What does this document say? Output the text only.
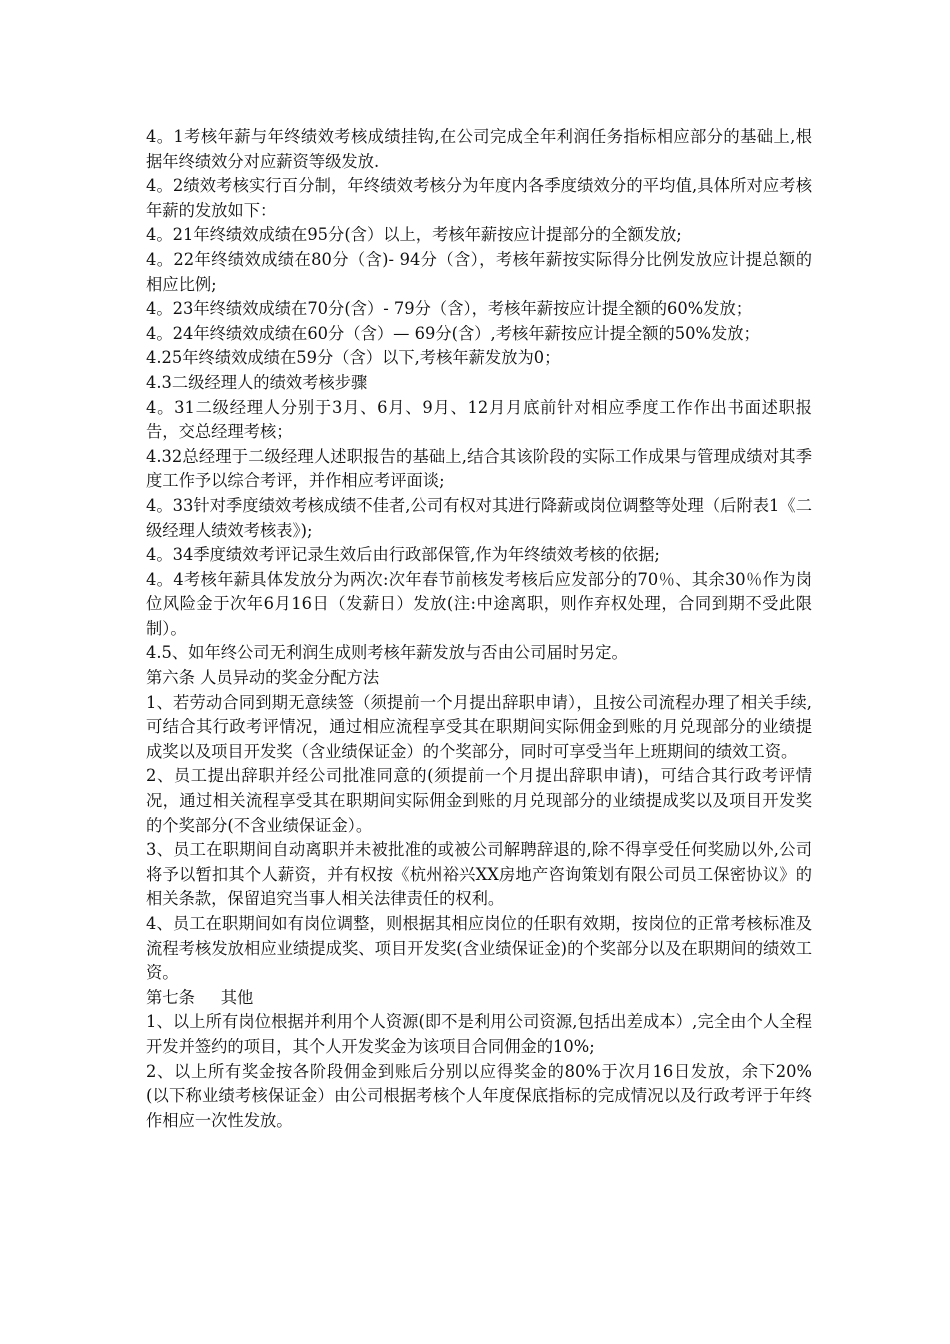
4。1考核年薪与年终绩效考核成绩挂钩,在公司完成全年利润任务指标相应部分的基础上,根据年终绩效分对应薪资等级发放.

4。2绩效考核实行百分制，年终绩效考核分为年度内各季度绩效分的平均值,具体所对应考核年薪的发放如下：

4。21年终绩效成绩在95分(含）以上，考核年薪按应计提部分的全额发放;

4。22年终绩效成绩在80分（含)- 94分（含），考核年薪按实际得分比例发放应计提总额的相应比例;

4。23年终绩效成绩在70分(含）- 79分（含），考核年薪按应计提全额的60%发放；

4。24年终绩效成绩在60分（含）— 69分(含）,考核年薪按应计提全额的50%发放；

4.25年终绩效成绩在59分（含）以下,考核年薪发放为0；

4.3二级经理人的绩效考核步骤

4。31二级经理人分别于3月、6月、9月、12月月底前针对相应季度工作作出书面述职报告，交总经理考核；

4.32总经理于二级经理人述职报告的基础上,结合其该阶段的实际工作成果与管理成绩对其季度工作予以综合考评，并作相应考评面谈;

4。33针对季度绩效考核成绩不佳者,公司有权对其进行降薪或岗位调整等处理（后附表1《二级经理人绩效考核表》);

4。34季度绩效考评记录生效后由行政部保管,作为年终绩效考核的依据;

4。4考核年薪具体发放分为两次:次年春节前核发考核后应发部分的70％、其余30％作为岗位风险金于次年6月16日（发薪日）发放(注:中途离职，则作弃权处理，合同到期不受此限制）。

4.5、如年终公司无利润生成则考核年薪发放与否由公司届时另定。

第六条 人员异动的奖金分配方法

1、若劳动合同到期无意续签（须提前一个月提出辞职申请），且按公司流程办理了相关手续,可结合其行政考评情况，通过相应流程享受其在职期间实际佣金到账的月兑现部分的业绩提成奖以及项目开发奖（含业绩保证金）的个奖部分，同时可享受当年上班期间的绩效工资。

2、员工提出辞职并经公司批准同意的(须提前一个月提出辞职申请)，可结合其行政考评情况，通过相关流程享受其在职期间实际佣金到账的月兑现部分的业绩提成奖以及项目开发奖的个奖部分(不含业绩保证金）。

3、员工在职期间自动离职并未被批准的或被公司解聘辞退的,除不得享受任何奖励以外,公司将予以暂扣其个人薪资，并有权按《杭州裕兴XX房地产咨询策划有限公司员工保密协议》的相关条款，保留追究当事人相关法律责任的权利。

4、员工在职期间如有岗位调整，则根据其相应岗位的任职有效期，按岗位的正常考核标准及流程考核发放相应业绩提成奖、项目开发奖(含业绩保证金)的个奖部分以及在职期间的绩效工资。

第七条     其他

1、以上所有岗位根据并利用个人资源(即不是利用公司资源,包括出差成本）,完全由个人全程开发并签约的项目，其个人开发奖金为该项目合同佣金的10%;

2、以上所有奖金按各阶段佣金到账后分别以应得奖金的80%于次月16日发放，余下20% (以下称业绩考核保证金）由公司根据考核个人年度保底指标的完成情况以及行政考评于年终作相应一次性发放。
